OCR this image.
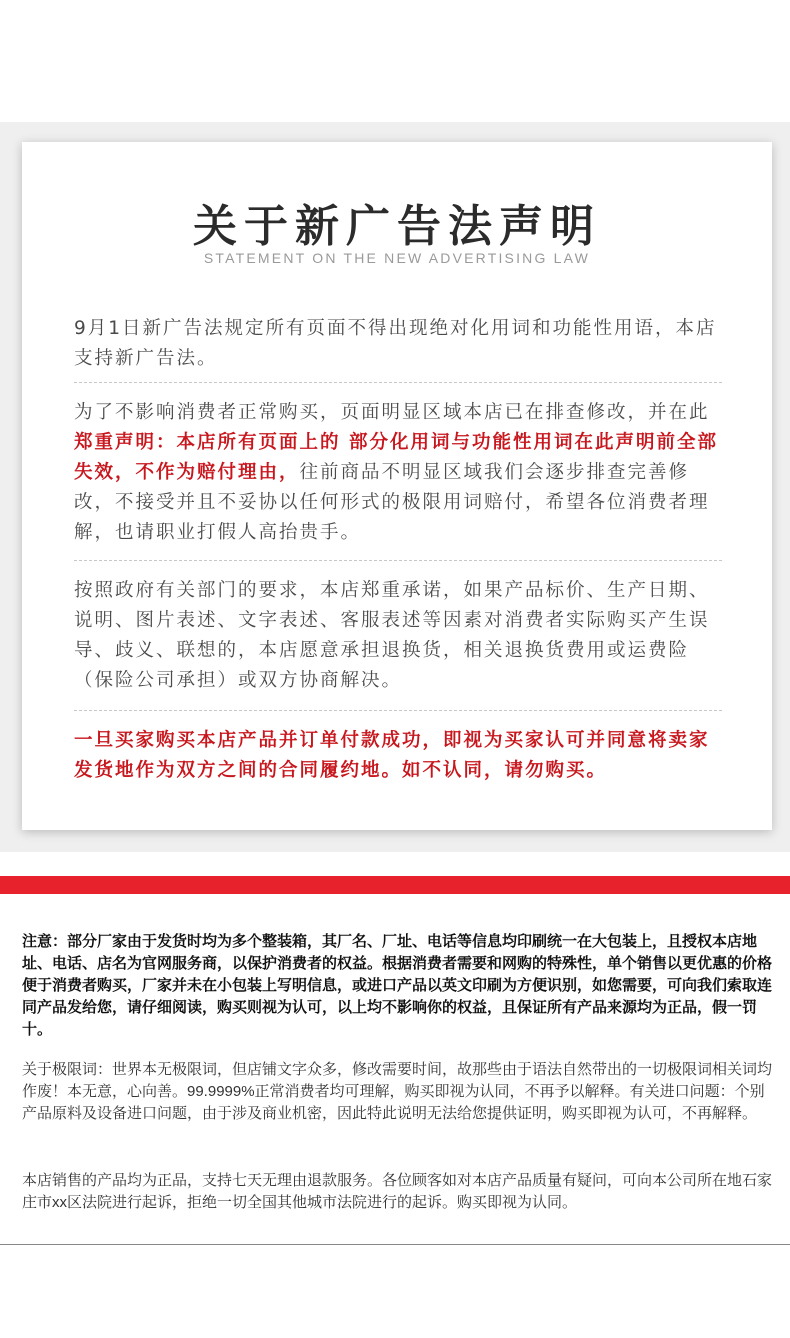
关于新广告法声明
STATEMENT ON THE NEW ADVERTISING LAW
9月1日新广告法规定所有页面不得出现绝对化用词和功能性用语，本店支持新广告法。
为了不影响消费者正常购买，页面明显区域本店已在排查修改，并在此郑重声明：本店所有页面上的 部分化用词与功能性用词在此声明前全部失效，不作为赔付理由，往前商品不明显区域我们会逐步排查完善修改，不接受并且不妥协以任何形式的极限用词赔付，希望各位消费者理解，也请职业打假人高抬贵手。
按照政府有关部门的要求，本店郑重承诺，如果产品标价、生产日期、说明、图片表述、文字表述、客服表述等因素对消费者实际购买产生误导、歧义、联想的，本店愿意承担退换货，相关退换货费用或运费险（保险公司承担）或双方协商解决。
一旦买家购买本店产品并订单付款成功，即视为买家认可并同意将卖家发货地作为双方之间的合同履约地。如不认同，请勿购买。
注意：部分厂家由于发货时均为多个整装箱，其厂名、厂址、电话等信息均印刷统一在大包装上，且授权本店地址、电话、店名为官网服务商，以保护消费者的权益。根据消费者需要和网购的特殊性，单个销售以更优惠的价格便于消费者购买，厂家并未在小包装上写明信息，或进口产品以英文印刷为方便识别，如您需要，可向我们索取连同产品发给您，请仔细阅读，购买则视为认可，以上均不影响你的权益，且保证所有产品来源均为正品，假一罚十。
关于极限词：世界本无极限词，但店铺文字众多，修改需要时间，故那些由于语法自然带出的一切极限词相关词均作废！本无意，心向善。99.9999%正常消费者均可理解，购买即视为认同，不再予以解释。有关进口问题：个别产品原料及设备进口问题，由于涉及商业机密，因此特此说明无法给您提供证明，购买即视为认可，不再解释。
本店销售的产品均为正品，支持七天无理由退款服务。各位顾客如对本店产品质量有疑问，可向本公司所在地石家庄市xx区法院进行起诉，拒绝一切全国其他城市法院进行的起诉。购买即视为认同。
